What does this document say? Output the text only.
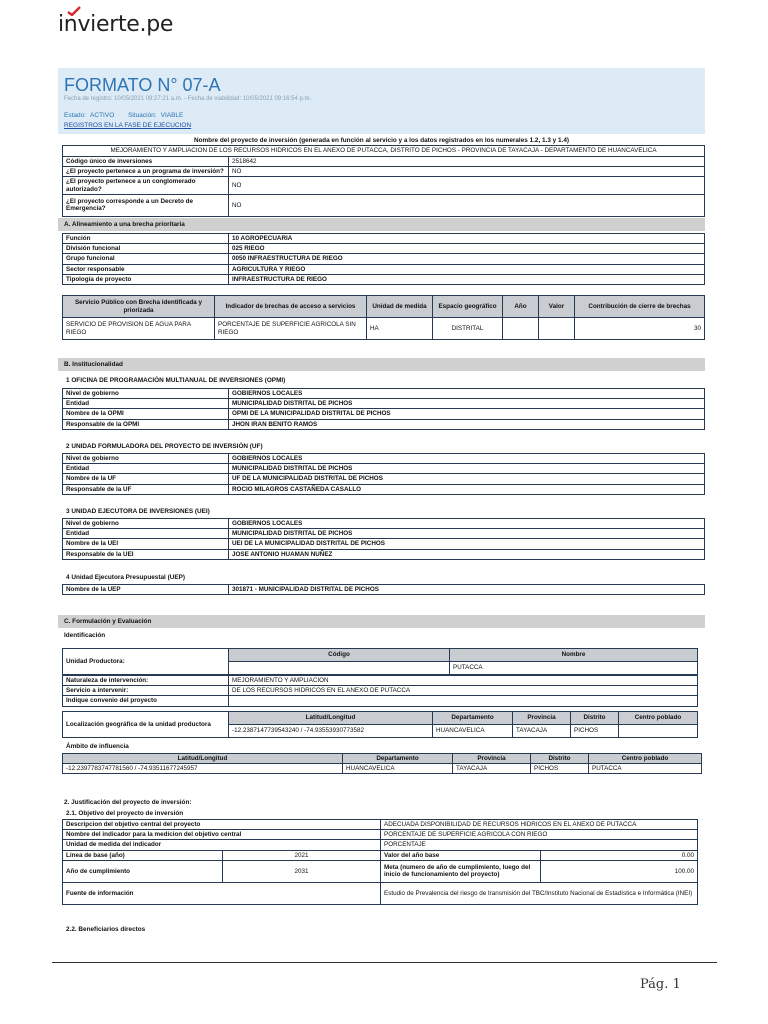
invierte.pe
FORMATO N° 07-A
Fecha de registro: 10/05/2021 09:27:21 a.m. - Fecha de viabilidad: 10/05/2021 09:16:54 p.m.
Estado: ACTIVO Situación: VIABLE
REGISTROS EN LA FASE DE EJECUCION
Nombre del proyecto de inversión (generada en función al servicio y a los datos registrados en los numerales 1.2, 1.3 y 1.4)
MEJORAMIENTO Y AMPLIACION DE LOS RECURSOS HIDRICOS EN EL ANEXO DE PUTACCA, DISTRITO DE PICHOS - PROVINCIA DE TAYACAJA - DEPARTAMENTO DE HUANCAVELICA	
Código único de inversiones	2518642
¿El proyecto pertenece a un programa de inversión?	NO
¿El proyecto pertenece a un conglomerado autorizado?	NO
¿El proyecto corresponde a un Decreto de Emergencia?	NO
A. Alineamiento a una brecha prioritaria
Función	10 AGROPECUARIA
División funcional	025 RIEGO
Grupo funcional	0050 INFRAESTRUCTURA DE RIEGO
Sector responsable	AGRICULTURA Y RIEGO
Tipología de proyecto	INFRAESTRUCTURA DE RIEGO
Servicio Público con Brecha identificada y priorizada	Indicador de brechas de acceso a servicios	Unidad de medida	Espacio geográfico	Año	Valor	Contribución de cierre de brechas
SERVICIO DE PROVISION DE AGUA PARA RIEGO	PORCENTAJE DE SUPERFICIE AGRICOLA SIN RIEGO	HA	DISTRITAL			30
B. Institucionalidad
1 OFICINA DE PROGRAMACIÓN MULTIANUAL DE INVERSIONES (OPMI)
Nivel de gobierno	GOBIERNOS LOCALES
Entidad	MUNICIPALIDAD DISTRITAL DE PICHOS
Nombre de la OPMI	OPMI DE LA MUNICIPALIDAD DISTRITAL DE PICHOS
Responsable de la OPMI	JHON IRAN BENITO RAMOS
2 UNIDAD FORMULADORA DEL PROYECTO DE INVERSIÓN (UF)
Nivel de gobierno	GOBIERNOS LOCALES
Entidad	MUNICIPALIDAD DISTRITAL DE PICHOS
Nombre de la UF	UF DE LA MUNICIPALIDAD DISTRITAL DE PICHOS
Responsable de la UF	ROCIO MILAGROS CASTAÑEDA CASALLO
3 UNIDAD EJECUTORA DE INVERSIONES (UEI)
Nivel de gobierno	GOBIERNOS LOCALES
Entidad	MUNICIPALIDAD DISTRITAL DE PICHOS
Nombre de la UEI	UEI DE LA MUNICIPALIDAD DISTRITAL DE PICHOS
Responsable de la UEI	JOSE ANTONIO HUAMAN NUÑEZ
4 Unidad Ejecutora Presupuestal (UEP)
Nombre de la UEP	301871 - MUNICIPALIDAD DISTRITAL DE PICHOS
C. Formulación y Evaluación
Identificación
Unidad Productora:	Código	Nombre
		PUTACCA
Naturaleza de intervención:	MEJORAMIENTO Y AMPLIACION
Servicio a intervenir:	DE LOS RECURSOS HIDRICOS EN EL ANEXO DE PUTACCA
Indique convenio del proyecto	
Localización geográfica de la unidad productora	Latitud/Longitud	Departamento	Provincia	Distrito	Centro poblado
	-12.2387147739543240 / -74.93553930773582	HUANCAVELICA	TAYACAJA	PICHOS	
Ámbito de influencia
Latitud/Longitud	Departamento	Provincia	Distrito	Centro poblado
-12.2397783747781560 / -74.93511677245957	HUANCAVELICA	TAYACAJA	PICHOS	PUTACCA
2. Justificación del proyecto de inversión:
2.1. Objetivo del proyecto de inversión
Descripcion del objetivo central del proyecto		ADECUADA DISPONIBILIDAD DE RECURSOS HIDRICOS EN EL ANEXO DE PUTACCA	
Nombre del indicador para la medicion del objetivo central		PORCENTAJE DE SUPERFICIE AGRICOLA CON RIEGO	
Unidad de medida del indicador		PORCENTAJE	
Línea de base (año)	2021	Valor del año base	0.00
Año de cumplimiento	2031	Meta (numero de año de cumplimiento, luego del inicio de funcionamiento del proyecto)	100.00
Fuente de información		Estudio de Prevalencia del riesgo de transmisión del TBC/Instituto Nacional de Estadística e Informática (INEI)	
2.2. Beneficiarios directos
Pág. 1
